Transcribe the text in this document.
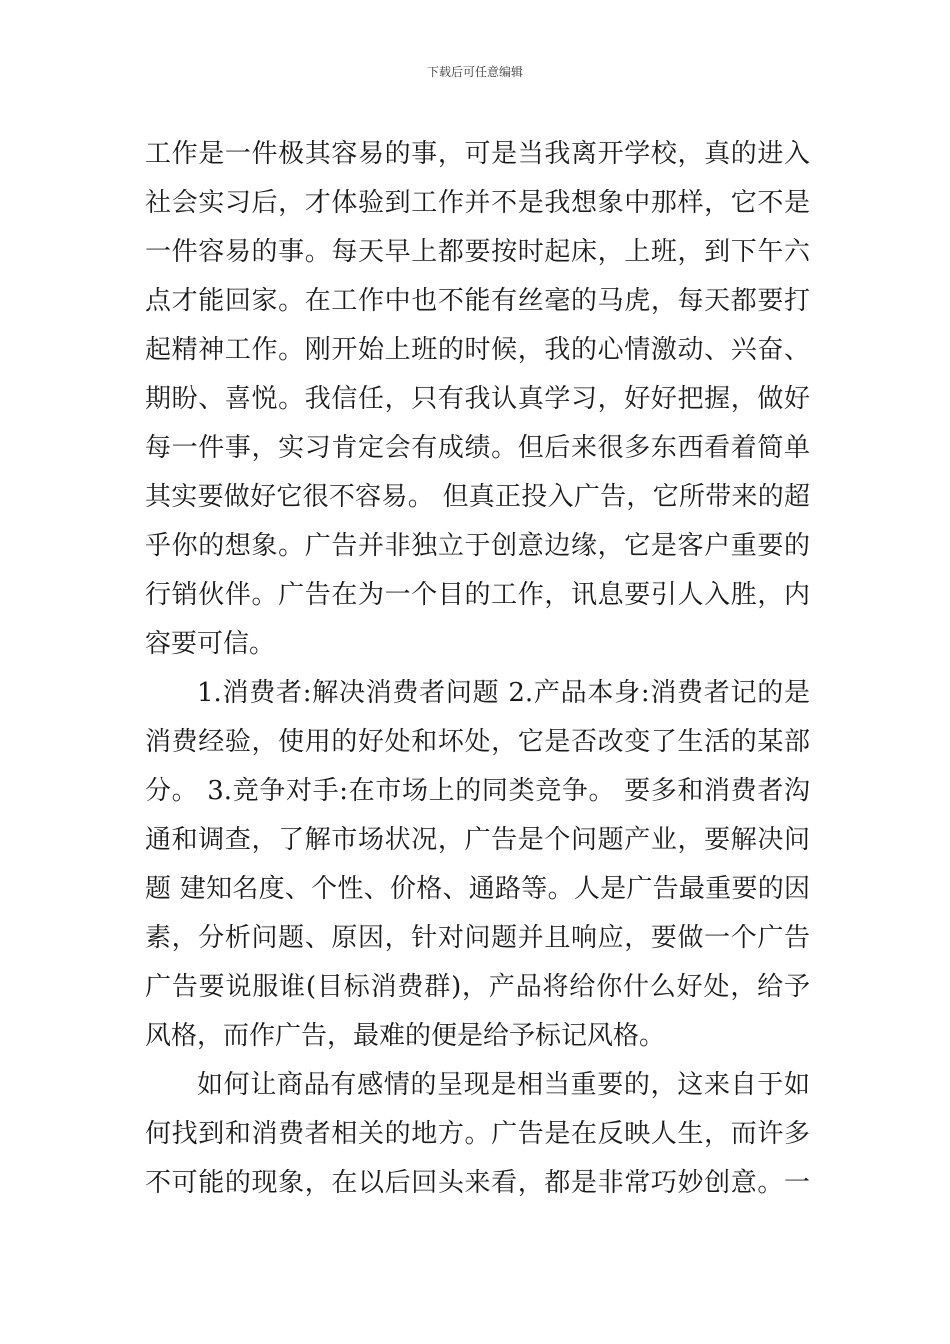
下载后可任意编辑
工作是一件极其容易的事，可是当我离开学校，真的进入
社会实习后，才体验到工作并不是我想象中那样，它不是
一件容易的事。每天早上都要按时起床，上班，到下午六
点才能回家。在工作中也不能有丝毫的马虎，每天都要打
起精神工作。刚开始上班的时候，我的心情激动、兴奋、
期盼、喜悦。我信任，只有我认真学习，好好把握，做好
每一件事，实习肯定会有成绩。但后来很多东西看着简单
其实要做好它很不容易。 但真正投入广告，它所带来的超
乎你的想象。广告并非独立于创意边缘，它是客户重要的
行销伙伴。广告在为一个目的工作，讯息要引人入胜，内
容要可信。
1.消费者:解决消费者问题 2.产品本身:消费者记的是
消费经验，使用的好处和坏处，它是否改变了生活的某部
分。 3.竞争对手:在市场上的同类竞争。 要多和消费者沟
通和调查，了解市场状况，广告是个问题产业，要解决问
题 建知名度、个性、价格、通路等。人是广告最重要的因
素，分析问题、原因，针对问题并且响应，要做一个广告
广告要说服谁(目标消费群)，产品将给你什么好处，给予
风格，而作广告，最难的便是给予标记风格。
如何让商品有感情的呈现是相当重要的，这来自于如
何找到和消费者相关的地方。广告是在反映人生，而许多
不可能的现象，在以后回头来看，都是非常巧妙创意。一
